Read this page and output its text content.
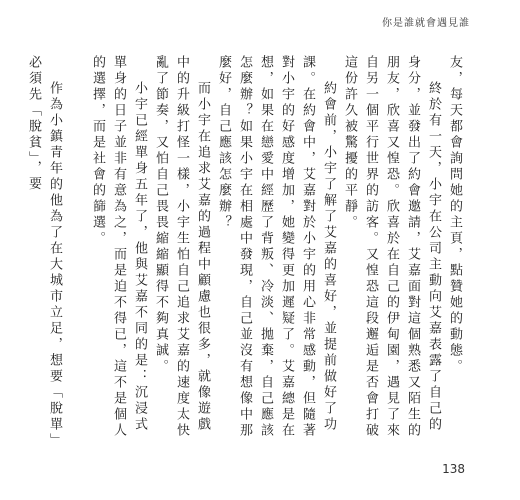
你是誰就會遇見誰

友，每天都會詢問她的主頁，點贊她的動態。

終於有一天，小宇在公司主動向艾嘉表露了自己的身分，並發出了約會邀請，艾嘉面對這個熟悉又陌生的朋友，欣喜又惶恐。欣喜於在自己的伊甸園，遇見了來自另一個平行世界的訪客。又惶恐這段邂逅是否會打破這份許久被驚擾的平靜。

約會前，小宇了解了艾嘉的喜好，並提前做好了功課。在約會中，艾嘉對於小宇的用心非常感動，但隨著對小宇的好感度增加，她變得更加遲疑了。艾嘉總是在想，如果在戀愛中經歷了背叛、冷淡、拋棄，自己應該怎麼辦？如果小宇在相處中發現，自己並沒有想像中那麼好，自己應該怎麼辦？

而小宇在追求艾嘉的過程中顧慮也很多，就像遊戲中的升級打怪一樣，小宇生怕自己追求艾嘉的速度太快亂了節奏，又怕自己畏畏縮縮顯得不夠真誠。

小宇已經單身五年了，他與艾嘉不同的是：沉浸式單身的日子並非有意為之，而是迫不得已，這不是個人的選擇，而是社會的篩選。

作為小鎮青年的他為了在大城市立足，想要「脫單」必須先「脫貧」，要

138
